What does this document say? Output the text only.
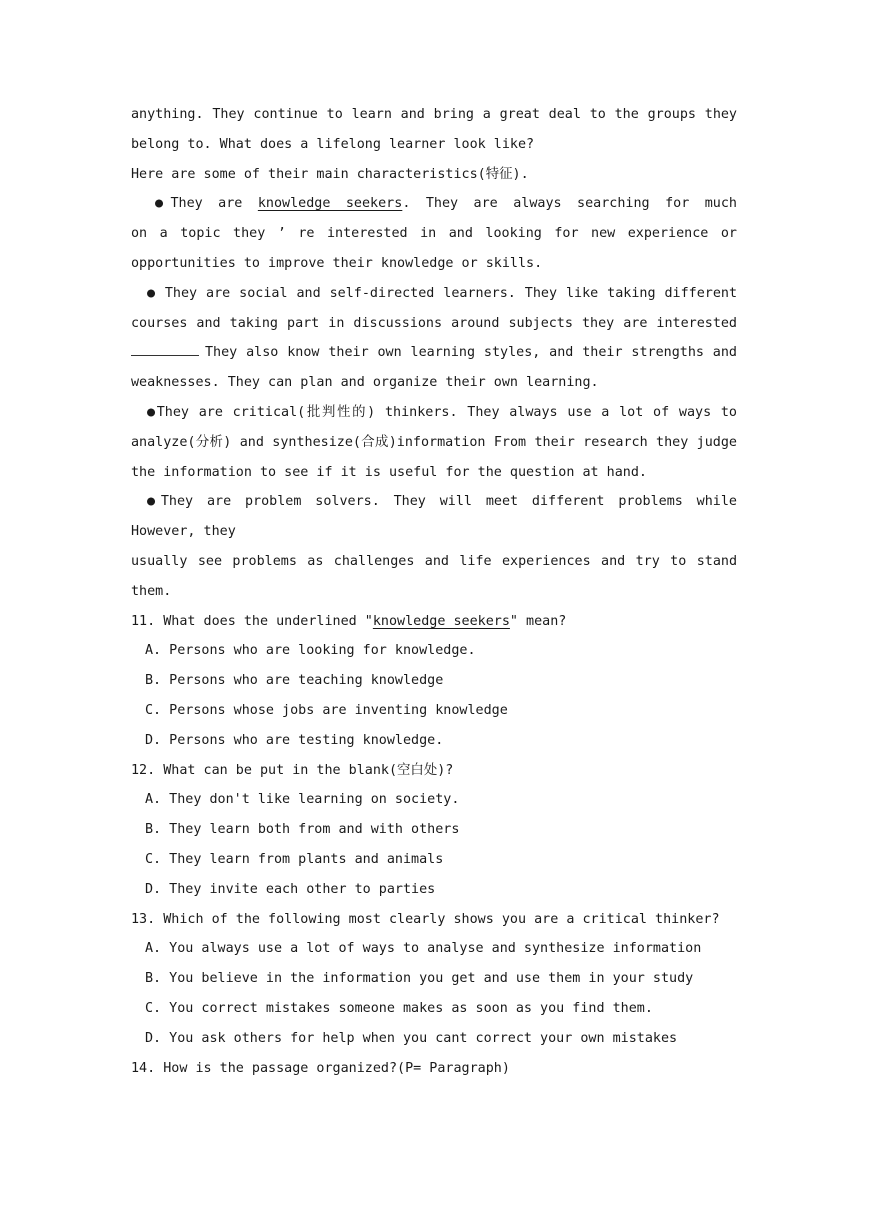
anything. They continue to learn and bring a great deal to the groups they
belong to. What does a lifelong learner look like?
Here are some of their main characteristics(特征).
●They are knowledge seekers. They are always searching for much
on a topic they ’ re interested in and looking for new experience or
opportunities to improve their knowledge or skills.
● They are social and self-directed learners. They like taking different
courses and taking part in discussions around subjects they are interested
They also know their own learning styles, and their strengths and
weaknesses. They can plan and organize their own learning.
●They are critical(批判性的) thinkers. They always use a lot of ways to
analyze(分析) and synthesize(合成)information From their research they judge
the information to see if it is useful for the question at hand.
●They are problem solvers. They will meet different problems while
However, they
usually see problems as challenges and life experiences and try to stand
them.
11. What does the underlined "knowledge seekers" mean?
A. Persons who are looking for knowledge.
B. Persons who are teaching knowledge
C. Persons whose jobs are inventing knowledge
D. Persons who are testing knowledge.
12. What can be put in the blank(空白处)?
A. They don't like learning on society.
B. They learn both from and with others
C. They learn from plants and animals
D. They invite each other to parties
13. Which of the following most clearly shows you are a critical thinker?
A. You always use a lot of ways to analyse and synthesize information
B. You believe in the information you get and use them in your study
C. You correct mistakes someone makes as soon as you find them.
D. You ask others for help when you cant correct your own mistakes
14. How is the passage organized?(P= Paragraph)
